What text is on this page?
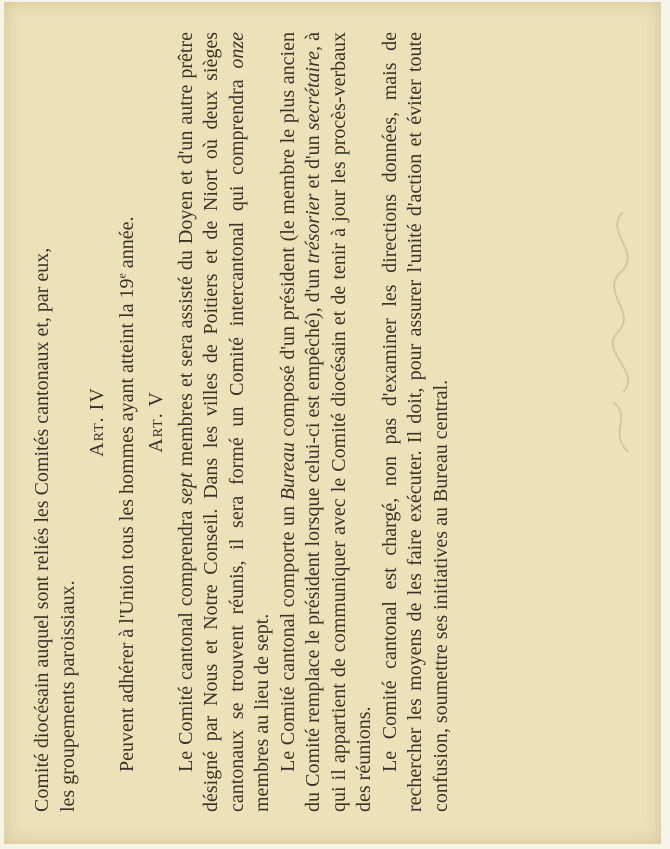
Comité diocésain auquel sont reliés les Comités cantonaux et, par eux, les groupements paroissiaux.

Art. IV Peuvent adhérer à l'Union tous les hommes ayant atteint la 19e année.

Art. V

Le Comité cantonal comprendra sept membres et sera assisté du Doyen et d'un autre prêtre désigné par Nous et Notre Conseil. Dans les villes de Poitiers et de Niort où deux sièges cantonaux se trouvent réunis, il sera formé un Comité intercantonal qui comprendra onze membres au lieu de sept. Le Comité cantonal comporte un Bureau composé d'un président (le membre le plus ancien du Comité remplace le président lorsque celui-ci est empêché), d'un trésorier et d'un secrétaire, à qui il appartient de communiquer avec le Comité diocésain et de tenir à jour les procès-verbaux des réunions. Le Comité cantonal est chargé, non pas d'examiner les directions données, mais de rechercher les moyens de les faire exécuter. Il doit, pour assurer l'unité d'action et éviter toute confusion, soumettre ses initiatives au Bureau central.
